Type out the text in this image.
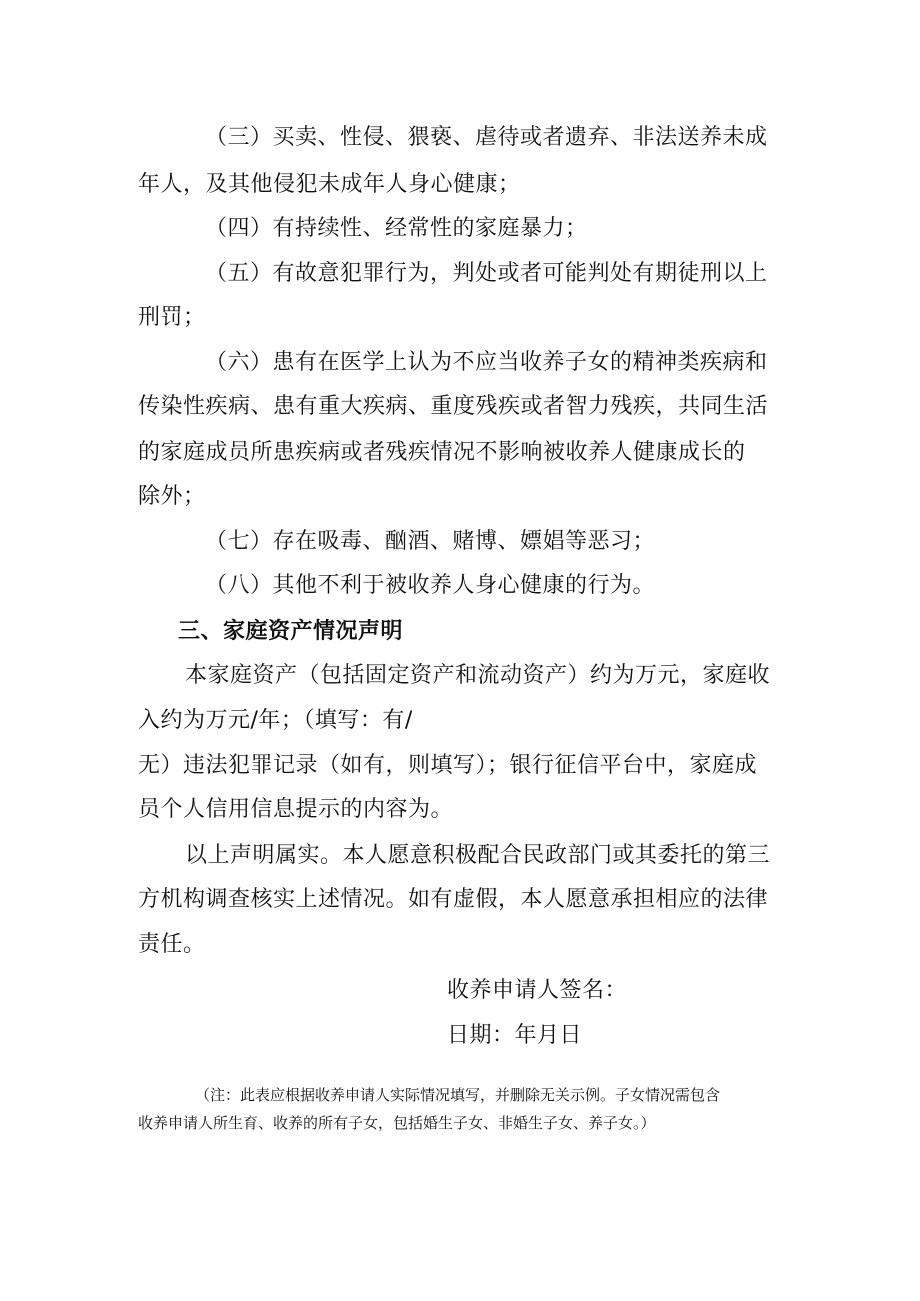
（三）买卖、性侵、猥亵、虐待或者遗弃、非法送养未成
年人，及其他侵犯未成年人身心健康；
（四）有持续性、经常性的家庭暴力；
（五）有故意犯罪行为，判处或者可能判处有期徒刑以上
刑罚；
（六）患有在医学上认为不应当收养子女的精神类疾病和
传染性疾病、患有重大疾病、重度残疾或者智力残疾，共同生活
的家庭成员所患疾病或者残疾情况不影响被收养人健康成长的
除外；
（七）存在吸毒、酗酒、赌博、嫖娼等恶习；
（八）其他不利于被收养人身心健康的行为。
三、家庭资产情况声明
本家庭资产（包括固定资产和流动资产）约为万元，家庭收
入约为万元/年；（填写：有/
无）违法犯罪记录（如有，则填写）；银行征信平台中，家庭成
员个人信用信息提示的内容为。
以上声明属实。本人愿意积极配合民政部门或其委托的第三
方机构调查核实上述情况。如有虚假，本人愿意承担相应的法律
责任。
收养申请人签名：
日期：年月日
（注：此表应根据收养申请人实际情况填写，并删除无关示例。子女情况需包含
收养申请人所生育、收养的所有子女，包括婚生子女、非婚生子女、养子女。）
